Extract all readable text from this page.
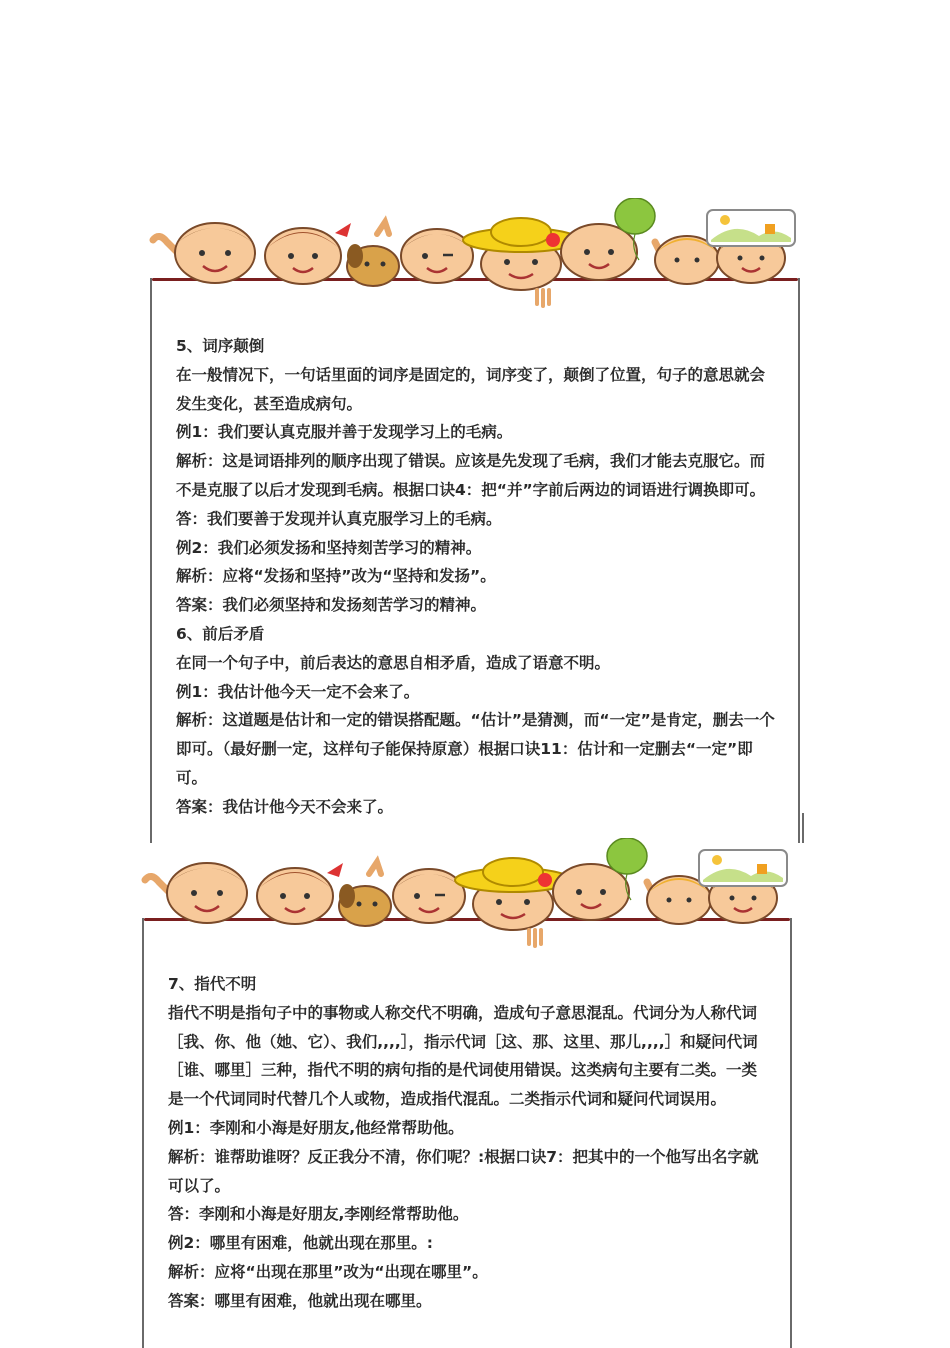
5、词序颠倒

在一般情况下，一句话里面的词序是固定的，词序变了，颠倒了位置，句子的意思就会发生变化，甚至造成病句。

例1：我们要认真克服并善于发现学习上的毛病。

解析：这是词语排列的顺序出现了错误。应该是先发现了毛病，我们才能去克服它。而不是克服了以后才发现到毛病。根据口诀4：把“并”字前后两边的词语进行调换即可。

答：我们要善于发现并认真克服学习上的毛病。

例2：我们必须发扬和坚持刻苦学习的精神。

解析：应将“发扬和坚持”改为“坚持和发扬”。

答案：我们必须坚持和发扬刻苦学习的精神。

6、前后矛盾

在同一个句子中，前后表达的意思自相矛盾，造成了语意不明。

例1：我估计他今天一定不会来了。

解析：这道题是估计和一定的错误搭配题。“估计”是猜测，而“一定”是肯定，删去一个即可。（最好删一定，这样句子能保持原意）根据口诀11：估计和一定删去“一定”即可。

答案：我估计他今天不会来了。

7、指代不明

指代不明是指句子中的事物或人称交代不明确，造成句子意思混乱。代词分为人称代词［我、你、他（她、它）、我们,,,,］，指示代词［这、那、这里、那儿,,,,］和疑问代词［谁、哪里］三种，指代不明的病句指的是代词使用错误。这类病句主要有二类。一类是一个代词同时代替几个人或物，造成指代混乱。二类指示代词和疑问代词误用。

例1：李刚和小海是好朋友,他经常帮助他。

解析：谁帮助谁呀？反正我分不清，你们呢？:根据口诀7：把其中的一个他写出名字就可以了。

答：李刚和小海是好朋友,李刚经常帮助他。

例2：哪里有困难，他就出现在那里。:

解析：应将“出现在那里”改为“出现在哪里”。

答案：哪里有困难，他就出现在哪里。
